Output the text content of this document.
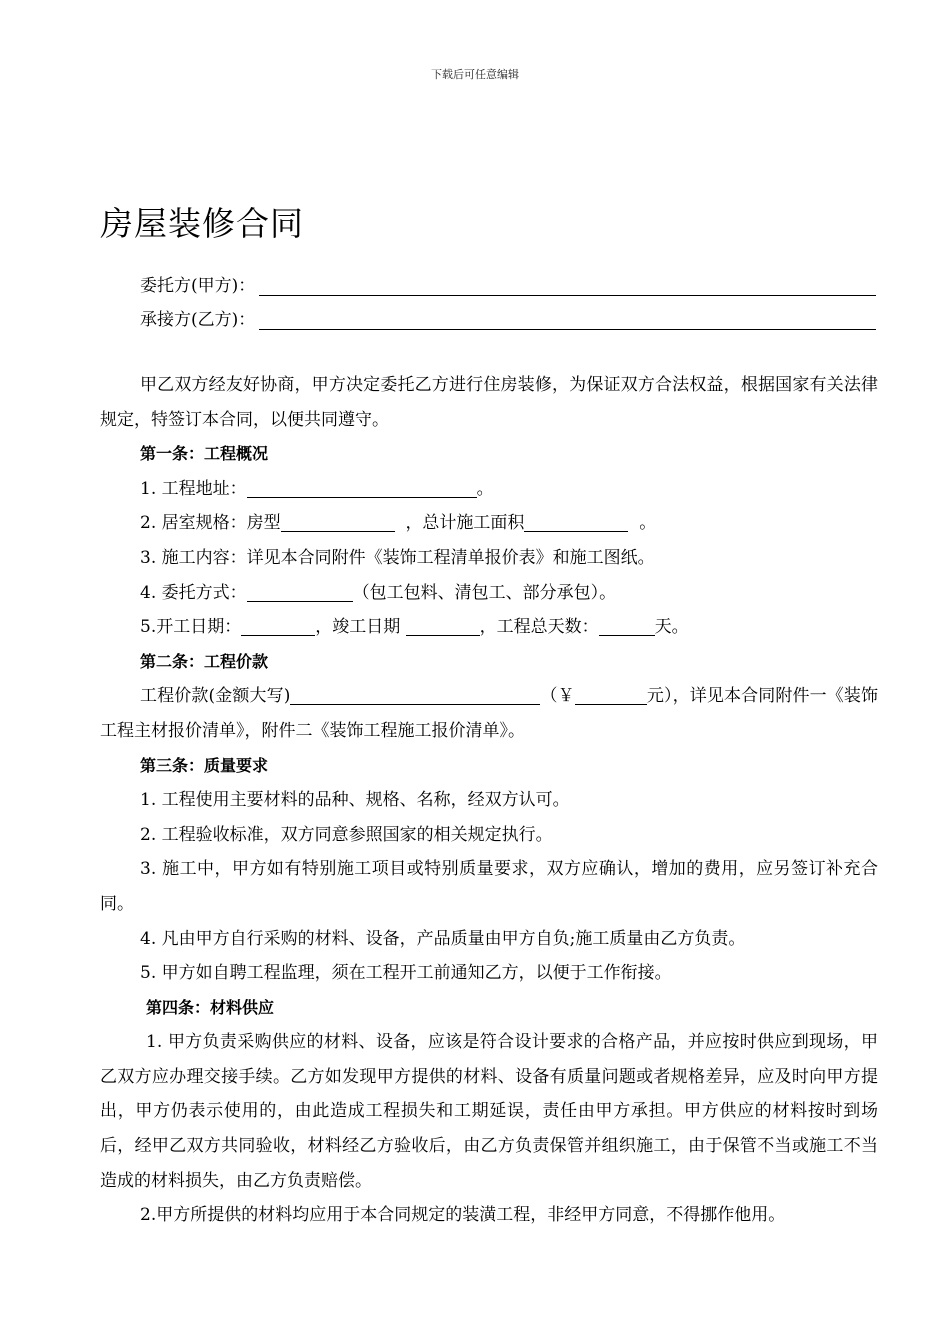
下载后可任意编辑
房屋装修合同
委托方(甲方)：
承接方(乙方)：

甲乙双方经友好协商，甲方决定委托乙方进行住房装修，为保证双方合法权益，根据国家有关法律规定，特签订本合同，以便共同遵守。

第一条：工程概况

1. 工程地址：	。

2. 居室规格：房型	，总计施工面积	。

3. 施工内容：详见本合同附件《装饰工程清单报价表》和施工图纸。

4. 委托方式：	（包工包料、清包工、部分承包）。

5.开工日期：	，竣工日期	，工程总天数：	天。

第二条：工程价款

工程价款(金额大写)	（￥	元），详见本合同附件一《装饰工程主材报价清单》，附件二《装饰工程施工报价清单》。

第三条：质量要求

1. 工程使用主要材料的品种、规格、名称，经双方认可。

2. 工程验收标准，双方同意参照国家的相关规定执行。

3. 施工中，甲方如有特别施工项目或特别质量要求，双方应确认，增加的费用，应另签订补充合同。

4. 凡由甲方自行采购的材料、设备，产品质量由甲方自负;施工质量由乙方负责。

5. 甲方如自聘工程监理，须在工程开工前通知乙方，以便于工作衔接。

第四条：材料供应

1. 甲方负责采购供应的材料、设备，应该是符合设计要求的合格产品，并应按时供应到现场，甲乙双方应办理交接手续。乙方如发现甲方提供的材料、设备有质量问题或者规格差异，应及时向甲方提出，甲方仍表示使用的，由此造成工程损失和工期延误，责任由甲方承担。甲方供应的材料按时到场后，经甲乙双方共同验收，材料经乙方验收后，由乙方负责保管并组织施工，由于保管不当或施工不当造成的材料损失，由乙方负责赔偿。

2.甲方所提供的材料均应用于本合同规定的装潢工程，非经甲方同意，不得挪作他用。
